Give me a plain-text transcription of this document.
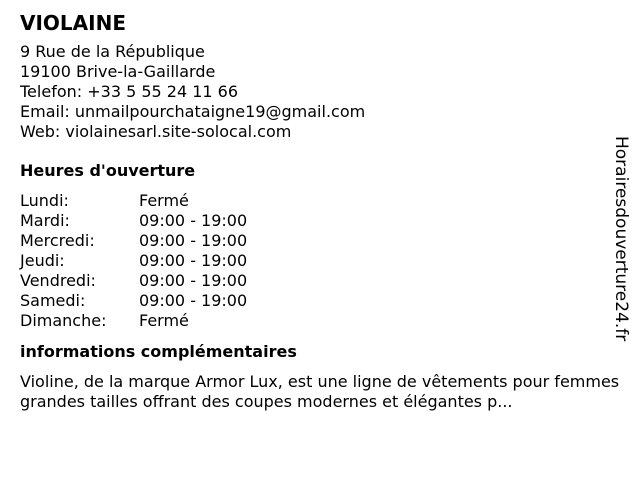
VIOLAINE
9 Rue de la République
19100 Brive-la-Gaillarde
Telefon: +33 5 55 24 11 66
Email: unmailpourchataigne19@gmail.com
Web: violainesarl.site-solocal.com
Heures d'ouverture
Lundi:	Fermé
Mardi:	09:00 - 19:00
Mercredi:	09:00 - 19:00
Jeudi:	09:00 - 19:00
Vendredi:	09:00 - 19:00
Samedi:	09:00 - 19:00
Dimanche: Fermé
informations complémentaires
Violine, de la marque Armor Lux, est une ligne de vêtements pour femmes grandes tailles offrant des coupes modernes et élégantes p...
Horairesdouverture24.fr
